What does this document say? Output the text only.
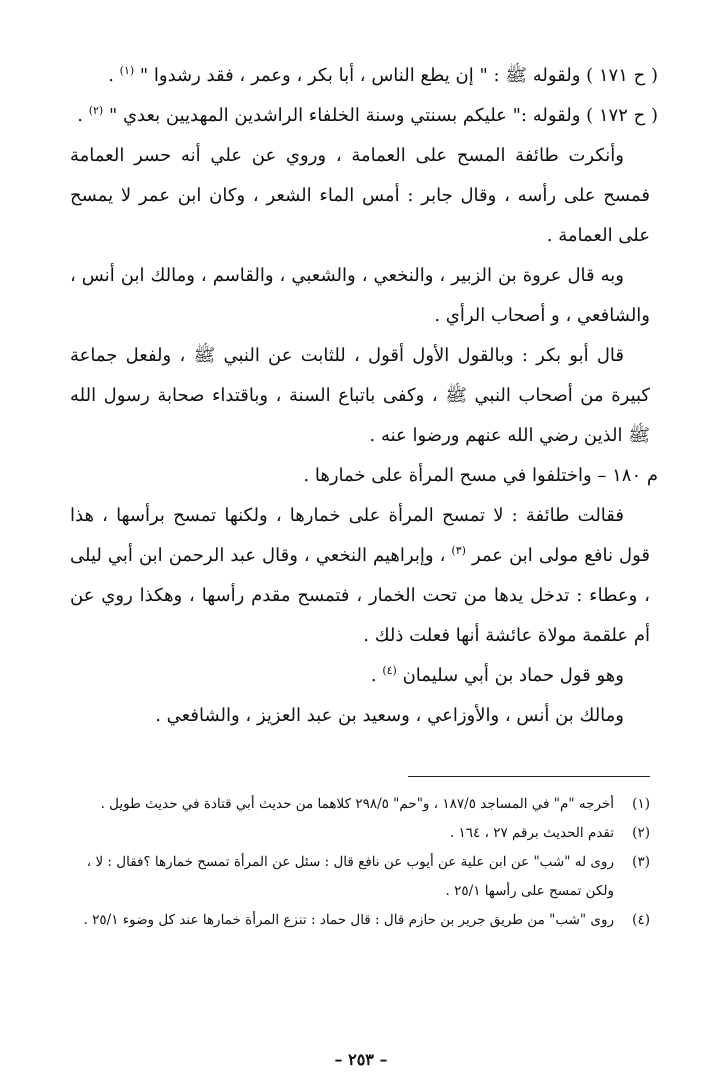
( ح ١٧١ ) ولقوله ﷺ : " إن يطع الناس ، أبا بكر ، وعمر ، فقد رشدوا " $^{(١)}$ .

( ح ١٧٢ ) ولقوله :" عليكم بسنتي وسنة الخلفاء الراشدين المهديين بعدي " $^{(٢)}$ .

وأنكرت طائفة المسح على العمامة ، وروي عن علي أنه حسر العمامة فمسح على رأسه ، وقال جابر : أمس الماء الشعر ، وكان ابن عمر لا يمسح على العمامة .

وبه قال عروة بن الزبير ، والنخعي ، والشعبي ، والقاسم ، ومالك ابن أنس ، والشافعي ، و أصحاب الرأي .

قال أبو بكر : وبالقول الأول أقول ، للثابت عن النبي ﷺ ، ولفعل جماعة كبيرة من أصحاب النبي ﷺ ، وكفى باتباع السنة ، وباقتداء صحابة رسول الله ﷺ الذين رضي الله عنهم ورضوا عنه .

م ١٨٠ – واختلفوا في مسح المرأة على خمارها .

فقالت طائفة : لا تمسح المرأة على خمارها ، ولكنها تمسح برأسها ، هذا قول نافع مولى ابن عمر $^{(٣)}$ ، وإبراهيم النخعي ، وقال عبد الرحمن ابن أبي ليلى ، وعطاء : تدخل يدها من تحت الخمار ، فتمسح مقدم رأسها ، وهكذا روي عن أم علقمة مولاة عائشة أنها فعلت ذلك .

وهو قول حماد بن أبي سليمان $^{(٤)}$ .

ومالك بن أنس ، والأوزاعي ، وسعيد بن عبد العزيز ، والشافعي .

(١)
أخرجه "م" في المساجد ١٨٧/٥ ، و"حم" ٢٩٨/٥ كلاهما من حديث أبي قتادة في حديث طويل .

(٢)
تقدم الحديث برقم ٢٧ ، ١٦٤ .

(٣)
روى له "شب" عن ابن علية عن أيوب عن نافع قال : سئل عن المرأة تمسح خمارها ؟فقال : لا ، ولكن تمسح على رأسها ٢٥/١ .

(٤)
روى "شب" من طريق جرير بن حازم قال : قال حماد : تنزع المرأة خمارها عند كل وضوء ٢٥/١ .

– ٢٥٣ –
